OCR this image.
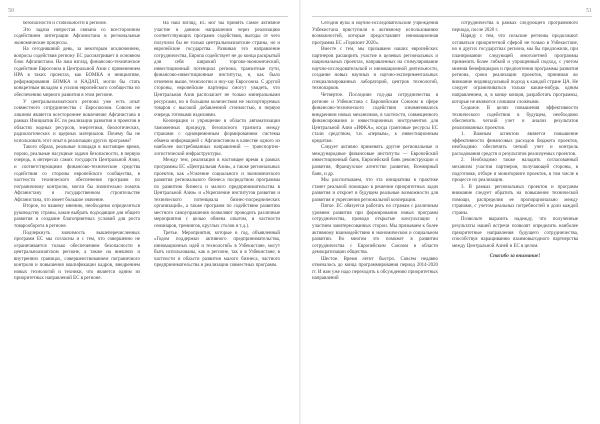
50

безопасности и стабильности в регионе.

Это задача непростая связана со всесторонним содействием интеграции Афганистана в региональные экономические процессы.

На сегодняшний день, за некоторым исключением, вопросы содействия региону ЕС рассматривает в основном блок Афганистана. На наш взгляд, финансово-техническое содействие Евросоюза в Центральной Азии с применением НРА в таких проектах, как БОМКА и инициативе, реформирования БОМКА и КАДАП, могли бы стать конкретным вкладом в усилия европейского сообщества по обеспечению мирного развития в этом регионе.

У центральноазиатского региона уже есть опыт совместного сотрудничества с Евросоюзом. Совсем не лишним является всестороннее вовлечение Афганистана в рамках Инициатив ЕС по реализации развития и проектов в областях водных ресурсов, энергетики, биологических, радиологических и ядерных материалов. Почему бы не использовать этот опыт в реализации других программ?

Такого образа, реальные площади в настоящее время, порою, реальные насущные задачи безопасности, в первую очередь, в интересах самих государств Центральной Азии, и соответствующими финансово-технические средства содействия со стороны европейского сообщества, в частности технического обеспечения программ по пограничному контролю, могли бы значительно помочь Афганистану в государственном строительстве Афганистана, что имеет большое значение.

Второе, по нашему мнению, необходимо определиться руководству страны, какие выбрать подходящие для общего развития и создание благоприятных условий для роста товарооборота в регионе.

Подчеркнуть значимость вышеперечисленных программ ЕС мы согласны и с тем, что совершенно не ограничивается только обеспечением безопасности в центральноазиатском регионе, а также на внешних и внутренних границах, совершенствованием пограничного контроля и повышения квалификации кадров, внедрением новых технологий и техники, что является одним из приоритетных направлений ЕС в регионе.

На наш взгляд, ЕС мог бы принять самое активное участие в данном направлении через реализацию соответствующих программ содействия, выгоды от чего получили бы не только центральноазиатские страны, но и европейские государства. Развивая это направление сотрудничества, Европа содействует не до конца раскрытый для себя широкий торгово-экономический, инвестиционный потенциал региона, транзитные пути, финансово-инвестиционные институты, и, как было отмечено выше, технологии и ноу-хау Евросоюза. С другой стороны, европейские партнеры смогут увидеть, что Центральная Азия располагает не только минеральными ресурсами, но и большим количеством не экспортируемых товаров с высокой добавленной стоимостью, в первую очередь готовыми изделиями.

Кооперация и упрощение в области автоматизации таможенных процедур, безопасного транзита между странами с одновременным формированием системы обмена информацией с Афганистаном в качестве одного из наиболее востребованных направлений — транспортно-логистической инфраструктуры.

Между тем, реализация в настоящее время в рамках программы ЕС «Центральная Азия», а также региональных проектов, как «Усиление социального и экономического развития регионального бизнеса посредством программы по развитию бизнеса и малого предпринимательства в Центральной Азии» и «Укрепление институтов развития и технического потенциала бизнес-посреднических организаций», а также программ по содействию развитию местного самоуправления позволяют проводить различные мероприятия с целью обмена опытом, в частности семинаров, тренингов, круглых столов и т.д.).

Третье. Мероприятия, которые в год, объявленный «Годом поддержки активного предпринимательства, инновационных идей и технологий» в Узбекистане, могут быть использованы, как в регионе, так и в Узбекистане, в частности в области развития малого бизнеса, частного предпринимательства и реализации совместных программ.

51

Сегодня вузы и научно-исследовательские учреждения Узбекистана приступили к активному использованию возможностей, которые предоставляет инновационная программа ЕС «Горизонт 2020».

Вместе с тем, мы призываем наших европейских партнеров расширить участие в целевых региональных и национальных проектах, направленных на стимулирование научно-исследовательской и инновационной деятельности, создание новых научных и научно-экспериментальных специализированных лабораторий, центров технологий, технопарков.

Четвертое. Последние год-два сотрудничества в регионе и Узбекистана с Европейским Союзом в сфере финансово-технического содействия ознаменовалось внедрением новых механизмов, в частности, совмещенного финансирования и инвестиционных инструментов для Центральной Азии «ИФКА», когда грантовые ресурсы ЕС стали средством, т.н. «первым», к инвестиционным кредитам.

Следует активно применять другие региональные и международные финансовые институты — Европейский инвестиционный банк, Европейский банк реконструкции и развития, Французское агентство развития, Всемирный банк, и др.

Мы рассчитываем, что эта инициатива в практике станет реальной помощью в решении приоритетных задач развития и откроет в будущем реальные возможности для развития и укрепления региональной кооперации.

Пятое. ЕС обязуется работать по странам с различным уровнем развития при формировании новых программ сотрудничества, проводя открытые консультации с участием заинтересованных сторон. Мы призываем к более активному взаимодействию в экономическом и социальном развитии. Во многом это поможет в развитии сотрудничества с Европейским Союзом в области демократизации общества.

Шестое. Время летит быстро. Совсем недавно отмечалось до конца программирования период 2014-2020 гг. И нам уже надо переходить к обсуждению приоритетных направлений

сотрудничества в рамках следующего программного периода, после 2020 г.

Наряду с тем, что сельские регионы продолжают оставаться приоритетной сферой не только в Узбекистане, но и других государствах региона, мы бы предложили, при планировании следующей многолетней программы применить более гибкий и упрощенный подход, с учетом мнения бенефициаров и предпочтения программы развития региона, сроки реализации проектов, принимая во внимание индивидуальный подход к каждой стране ЦА. Не следует ограничиваться только каким-нибудь одним направлением, и, в конце концов, разработать программы, которые не являются слишком сложными.

Седьмое. В целях повышения эффективности технического содействия в будущем, необходимо обеспечить четкий учет и анализ результатов реализованных проектов.

1. Важным аспектом является повышение эффективности финансовых расходов бюджета проектов, необходимо обеспечить четкий учет и контроль расходования средств и результатов реализуемых проектов.

2. Необходимо также наладить согласованный механизм участия партнеров, получающей стороны, в подготовке, отборе и мониторинге проектов, в том числе в процессе их реализации.

3. В рамках региональных проектов и программ внимание следует обратить на повышение технической помощи, распределив ее пропорционально между странами, с учетом реальных потребностей и доли каждой страны.

Позвольте выразить надежду, что полученные результаты нашей встречи позволят определить наиболее приоритетные направления будущего сотрудничества, способствуя наращиванию взаимовыгодного партнерства между Центральной Азией и ЕС в целом.

Спасибо за внимание!
